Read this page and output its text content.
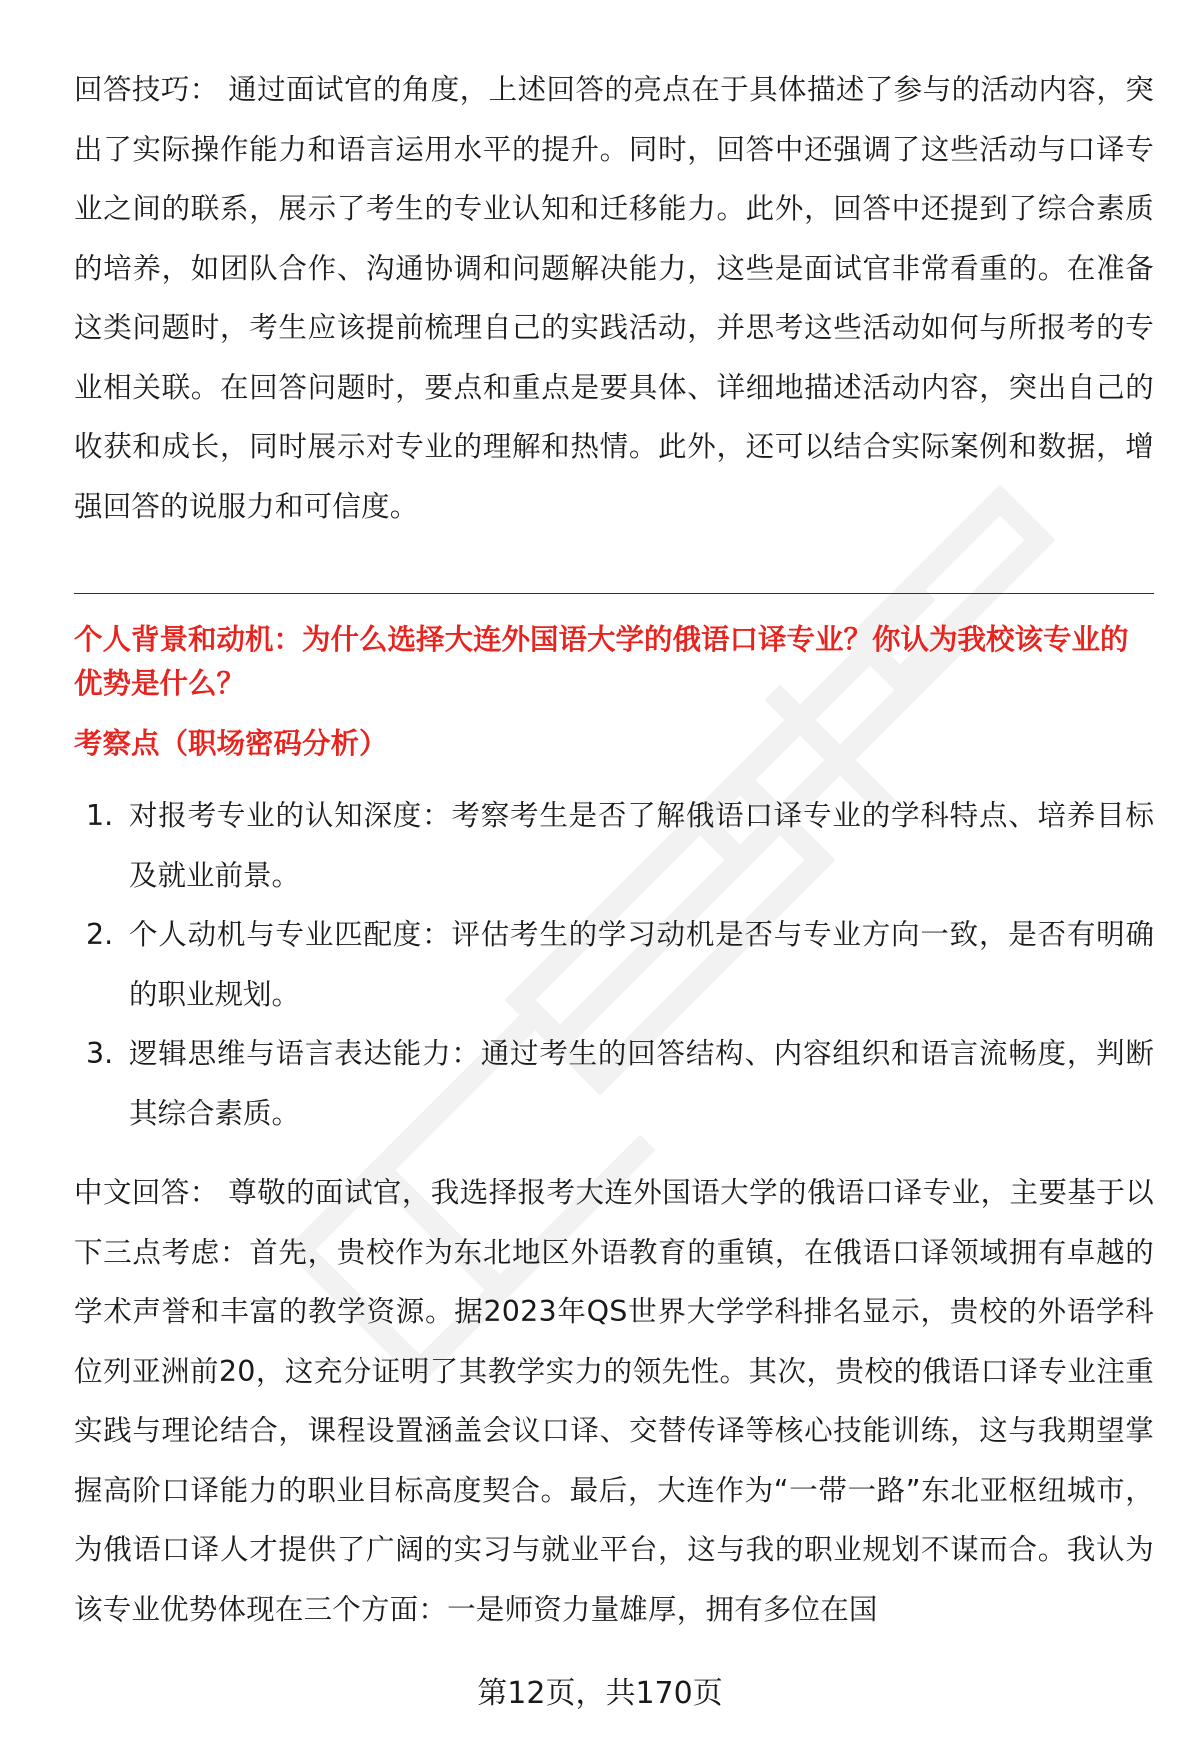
回答技巧： 通过面试官的角度，上述回答的亮点在于具体描述了参与的活动内容，突出了实际操作能力和语言运用水平的提升。同时，回答中还强调了这些活动与口译专业之间的联系，展示了考生的专业认知和迁移能力。此外，回答中还提到了综合素质的培养，如团队合作、沟通协调和问题解决能力，这些是面试官非常看重的。在准备这类问题时，考生应该提前梳理自己的实践活动，并思考这些活动如何与所报考的专业相关联。在回答问题时，要点和重点是要具体、详细地描述活动内容，突出自己的收获和成长，同时展示对专业的理解和热情。此外，还可以结合实际案例和数据，增强回答的说服力和可信度。

个人背景和动机：为什么选择大连外国语大学的俄语口译专业？你认为我校该专业的优势是什么？
考察点（职场密码分析）
1. 对报考专业的认知深度：考察考生是否了解俄语口译专业的学科特点、培养目标及就业前景。
2. 个人动机与专业匹配度：评估考生的学习动机是否与专业方向一致，是否有明确的职业规划。
3. 逻辑思维与语言表达能力：通过考生的回答结构、内容组织和语言流畅度，判断其综合素质。

中文回答： 尊敬的面试官，我选择报考大连外国语大学的俄语口译专业，主要基于以下三点考虑：首先，贵校作为东北地区外语教育的重镇，在俄语口译领域拥有卓越的学术声誉和丰富的教学资源。据2023年QS世界大学学科排名显示，贵校的外语学科位列亚洲前20，这充分证明了其教学实力的领先性。其次，贵校的俄语口译专业注重实践与理论结合，课程设置涵盖会议口译、交替传译等核心技能训练，这与我期望掌握高阶口译能力的职业目标高度契合。最后，大连作为“一带一路”东北亚枢纽城市，为俄语口译人才提供了广阔的实习与就业平台，这与我的职业规划不谋而合。我认为该专业优势体现在三个方面：一是师资力量雄厚，拥有多位在国

第12页，共170页
